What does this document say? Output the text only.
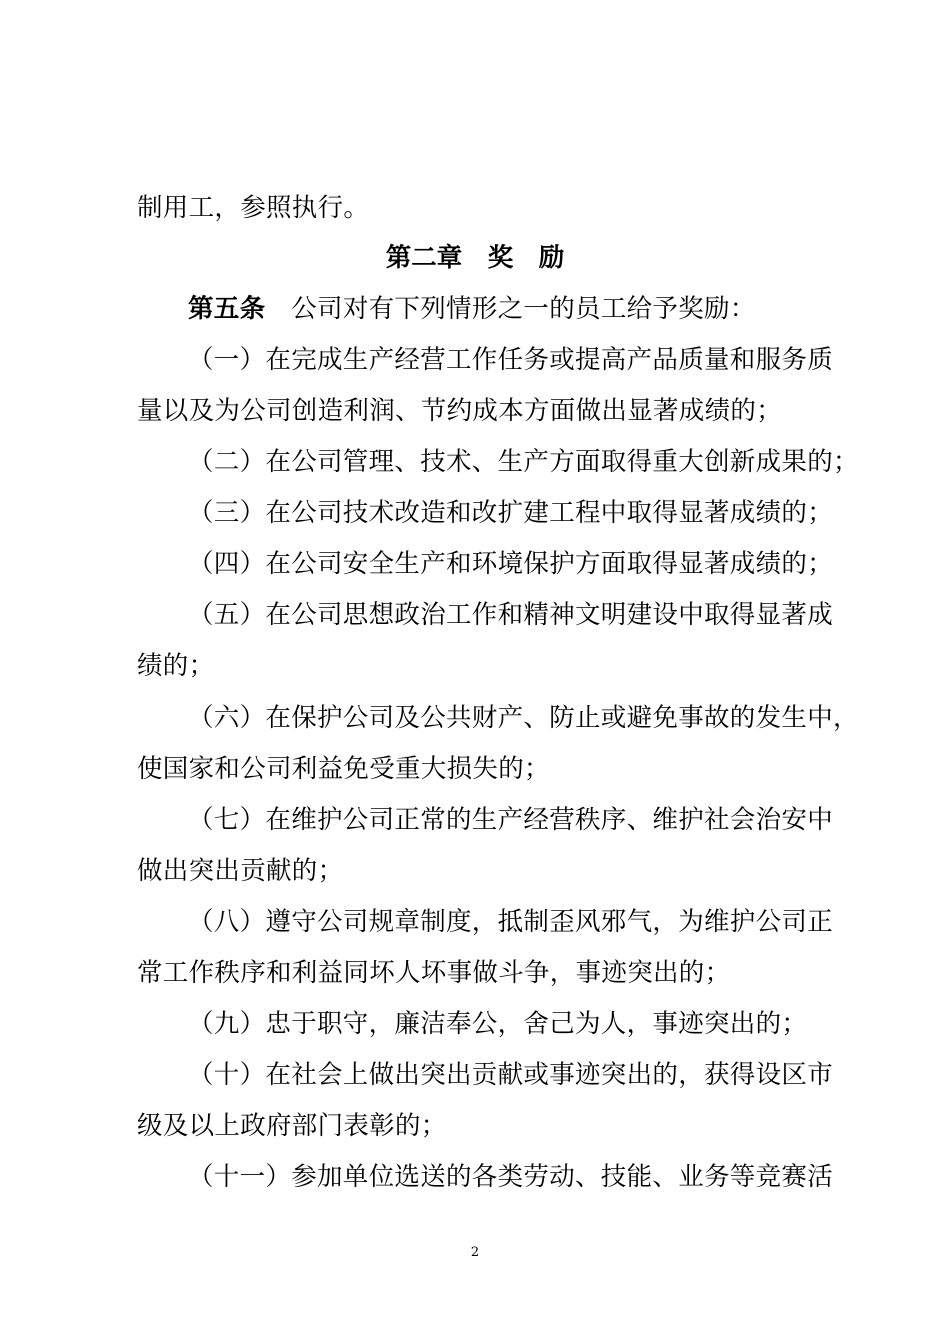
制用工，参照执行。
第二章　奖　励
第五条　 公司对有下列情形之一的员工给予奖励：
（一）在完成生产经营工作任务或提高产品质量和服务质
量以及为公司创造利润、节约成本方面做出显著成绩的；
（二）在公司管理、技术、生产方面取得重大创新成果的；
（三）在公司技术改造和改扩建工程中取得显著成绩的；
（四）在公司安全生产和环境保护方面取得显著成绩的；
（五）在公司思想政治工作和精神文明建设中取得显著成
绩的；
（六）在保护公司及公共财产、防止或避免事故的发生中，
使国家和公司利益免受重大损失的；
（七）在维护公司正常的生产经营秩序、维护社会治安中
做出突出贡献的；
（八）遵守公司规章制度，抵制歪风邪气，为维护公司正
常工作秩序和利益同坏人坏事做斗争，事迹突出的；
（九）忠于职守，廉洁奉公，舍己为人，事迹突出的；
（十）在社会上做出突出贡献或事迹突出的，获得设区市
级及以上政府部门表彰的；
（十一）参加单位选送的各类劳动、技能、业务等竞赛活
2
